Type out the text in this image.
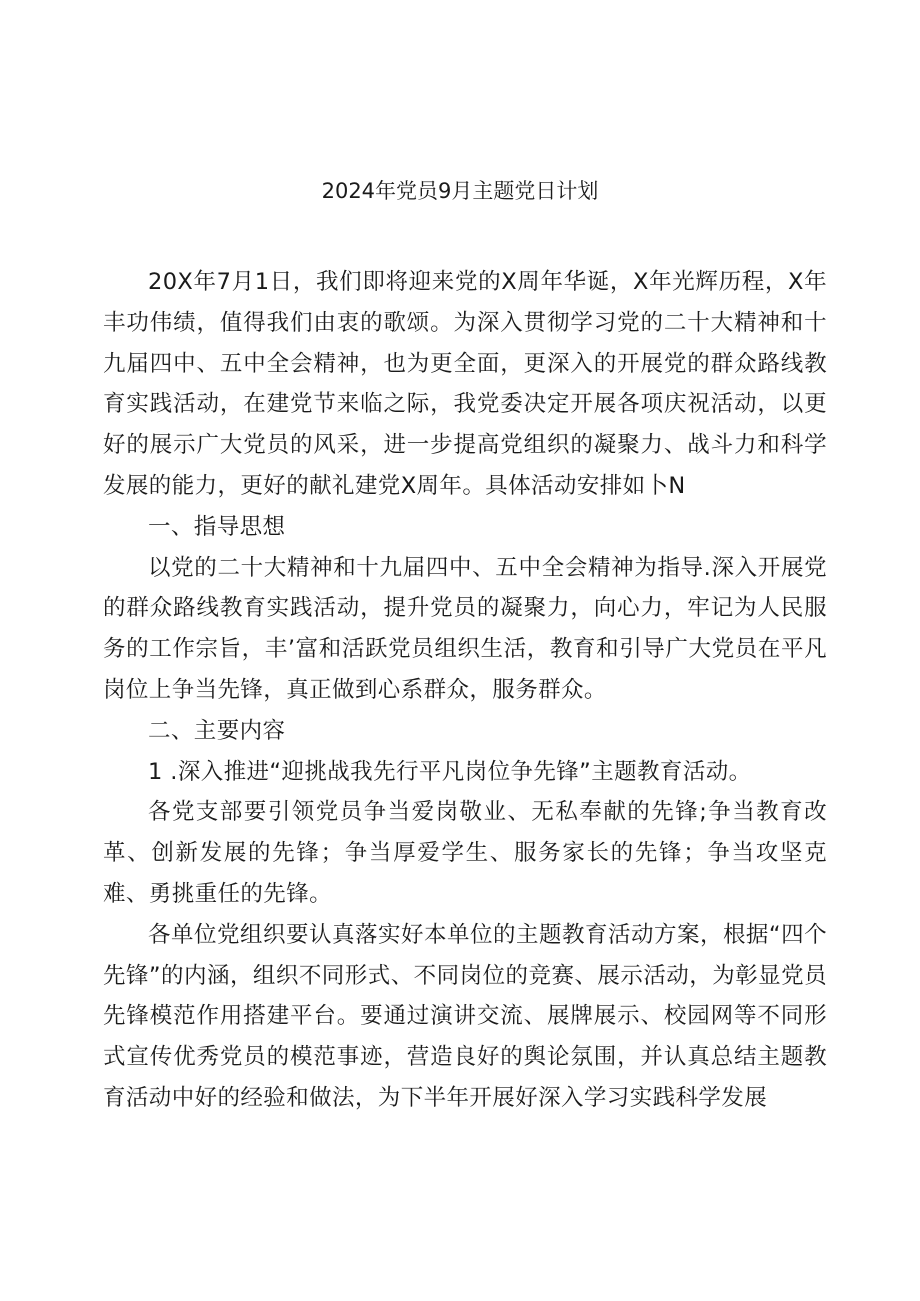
2024年党员9月主题党日计划

20X年7月1日，我们即将迎来党的X周年华诞，X年光辉历程，X年丰功伟绩，值得我们由衷的歌颂。为深入贯彻学习党的二十大精神和十九届四中、五中全会精神，也为更全面，更深入的开展党的群众路线教育实践活动，在建党节来临之际，我党委决定开展各项庆祝活动，以更好的展示广大党员的风采，进一步提高党组织的凝聚力、战斗力和科学发展的能力，更好的献礼建党X周年。具体活动安排如卜N

一、指导思想

以党的二十大精神和十九届四中、五中全会精神为指导.深入开展党的群众路线教育实践活动，提升党员的凝聚力，向心力，牢记为人民服务的工作宗旨，丰’富和活跃党员组织生活，教育和引导广大党员在平凡岗位上争当先锋，真正做到心系群众，服务群众。

二、主要内容

1 .深入推进“迎挑战我先行平凡岗位争先锋”主题教育活动。

各党支部要引领党员争当爱岗敬业、无私奉献的先锋;争当教育改革、创新发展的先锋；争当厚爱学生、服务家长的先锋；争当攻坚克难、勇挑重任的先锋。

各单位党组织要认真落实好本单位的主题教育活动方案，根据“四个先锋”的内涵，组织不同形式、不同岗位的竞赛、展示活动，为彰显党员先锋模范作用搭建平台。要通过演讲交流、展牌展示、校园网等不同形式宣传优秀党员的模范事迹，营造良好的舆论氛围，并认真总结主题教育活动中好的经验和做法，为下半年开展好深入学习实践科学发展
